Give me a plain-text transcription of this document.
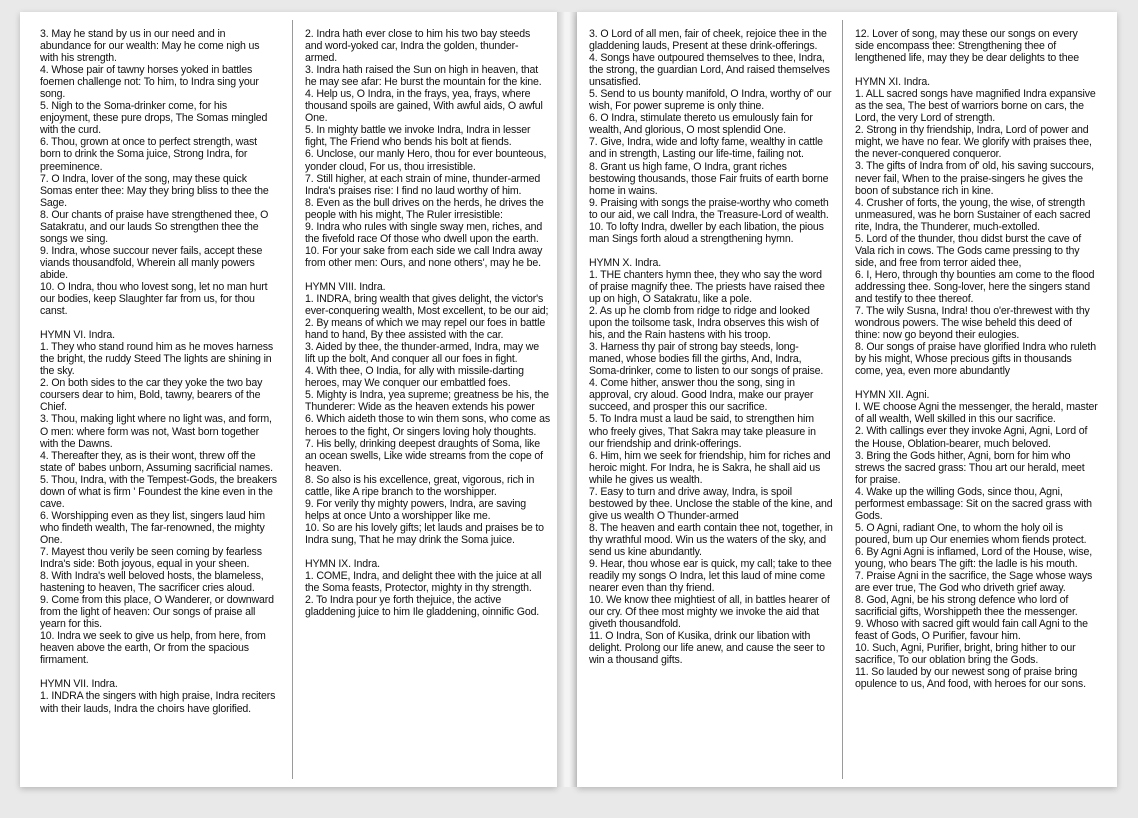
3. May he stand by us in our need and in abundance for our wealth: May he come nigh us with his strength.

4. Whose pair of tawny horses yoked in battles foemen challenge not: To him, to Indra sing your song.

5. Nigh to the Soma-drinker come, for his enjoyment, these pure drops, The Somas mingled with the curd.

6. Thou, grown at once to perfect strength, wast born to drink the Soma juice, Strong Indra, for preeminence.

7. O Indra, lover of the song, may these quick Somas enter thee: May they bring bliss to thee the Sage.

8. Our chants of praise have strengthened thee, O Satakratu, and our lauds So strengthen thee the songs we sing.

9. Indra, whose succour never fails, accept these viands thousandfold, Wherein all manly powers abide.

10. O Indra, thou who lovest song, let no man hurt our bodies, keep Slaughter far from us, for thou canst.

HYMN VI. Indra.

1. They who stand round him as he moves harness the bright, the ruddy Steed The lights are shining in the sky.

2. On both sides to the car they yoke the two bay coursers dear to him, Bold, tawny, bearers of the Chief.

3. Thou, making light where no light was, and form, O men: where form was not, Wast born together with the Dawns.

4. Thereafter they, as is their wont, threw off the state of' babes unborn, Assuming sacrificial names.

5. Thou, Indra, with the Tempest-Gods, the breakers down of what is firm ' Foundest the kine even in the cave.

6. Worshipping even as they list, singers laud him who findeth wealth, The far-renowned, the mighty One.

7. Mayest thou verily be seen coming by fearless Indra's side: Both joyous, equal in your sheen.

8. With Indra's well beloved hosts, the blameless, hastening to heaven, The sacrificer cries aloud.

9. Come from this place, O Wanderer, or downward from the light of heaven: Our songs of praise all yearn for this.

10. Indra we seek to give us help, from here, from heaven above the earth, Or from the spacious firmament.

HYMN VII. Indra.

1. INDRA the singers with high praise, Indra reciters with their lauds, Indra the choirs have glorified.

2. Indra hath ever close to him his two bay steeds and word-yoked car, Indra the golden, thunder-armed.

3. Indra hath raised the Sun on high in heaven, that he may see afar: He burst the mountain for the kine.

4. Help us, O Indra, in the frays, yea, frays, where thousand spoils are gained, With awful aids, O awful One.

5. In mighty battle we invoke Indra, Indra in lesser fight, The Friend who bends his bolt at fiends.

6. Unclose, our manly Hero, thou for ever bounteous, yonder cloud, For us, thou irresistible.

7. Still higher, at each strain of mine, thunder-armed Indra's praises rise: I find no laud worthy of him.

8. Even as the bull drives on the herds, he drives the people with his might, The Ruler irresistible:

9. Indra who rules with single sway men, riches, and the fivefold race Of those who dwell upon the earth.

10. For your sake from each side we call Indra away from other men: Ours, and none others', may he be.

HYMN VIII. Indra.

1. INDRA, bring wealth that gives delight, the victor's ever-conquering wealth, Most excellent, to be our aid;

2. By means of which we may repel our foes in battle hand to hand, By thee assisted with the car.

3. Aided by thee, the thunder-armed, Indra, may we lift up the bolt, And conquer all our foes in fight.

4. With thee, O India, for ally with missile-darting heroes, may We conquer our embattled foes.

5. Mighty is Indra, yea supreme; greatness be his, the Thunderer: Wide as the heaven extends his power

6. Which aideth those to win them sons, who come as heroes to the fight, Or singers loving holy thoughts.

7. His belly, drinking deepest draughts of Soma, like an ocean swells, Like wide streams from the cope of heaven.

8. So also is his excellence, great, vigorous, rich in cattle, like A ripe branch to the worshipper.

9. For verily thy mighty powers, Indra, are saving helps at once Unto a worshipper like me.

10. So are his lovely gifts; let lauds and praises be to Indra sung, That he may drink the Soma juice.

HYMN IX. Indra.

1. COME, Indra, and delight thee with the juice at all the Soma feasts, Protector, mighty in thy strength.

2. To Indra pour ye forth thejuice, the active gladdening juice to him Ile gladdening, oinnific God.

3. O Lord of all men, fair of cheek, rejoice thee in the gladdening lauds, Present at these drink-offerings.

4. Songs have outpoured themselves to thee, Indra, the strong, the guardian Lord, And raised themselves unsatisfied.

5. Send to us bounty manifold, O Indra, worthy of' our wish, For power supreme is only thine.

6. O Indra, stimulate thereto us emulously fain for wealth, And glorious, O most splendid One.

7. Give, Indra, wide and lofty fame, wealthy in cattle and in strength, Lasting our life-time, failing not.

8. Grant us high fame, O Indra, grant riches bestowing thousands, those Fair fruits of earth borne home in wains.

9. Praising with songs the praise-worthy who cometh to our aid, we call Indra, the Treasure-Lord of wealth.

10. To lofty Indra, dweller by each libation, the pious man Sings forth aloud a strengthening hymn.

HYMN X. Indra.

1. THE chanters hymn thee, they who say the word of praise magnify thee. The priests have raised thee up on high, O Satakratu, like a pole.

2. As up he clomb from ridge to ridge and looked upon the toilsome task, Indra observes this wish of his, and the Rain hastens with his troop.

3. Harness thy pair of strong bay steeds, long-maned, whose bodies fill the girths, And, Indra, Soma-drinker, come to listen to our songs of praise.

4. Come hither, answer thou the song, sing in approval, cry aloud. Good Indra, make our prayer succeed, and prosper this our sacrifice.

5. To Indra must a laud be said, to strengthen him who freely gives, That Sakra may take pleasure in our friendship and drink-offerings.

6. Him, him we seek for friendship, him for riches and heroic might. For Indra, he is Sakra, he shall aid us while he gives us wealth.

7. Easy to turn and drive away, Indra, is spoil bestowed by thee. Unclose the stable of the kine, and give us wealth O Thunder-armed

8. The heaven and earth contain thee not, together, in thy wrathful mood. Win us the waters of the sky, and send us kine abundantly.

9. Hear, thou whose ear is quick, my call; take to thee readily my songs O Indra, let this laud of mine come nearer even than thy friend.

10. We know thee mightiest of all, in battles hearer of our cry. Of thee most mighty we invoke the aid that giveth thousandfold.

11. O Indra, Son of Kusika, drink our libation with delight. Prolong our life anew, and cause the seer to win a thousand gifts.

12. Lover of song, may these our songs on every side encompass thee: Strengthening thee of lengthened life, may they be dear delights to thee

HYMN XI. Indra.

1. ALL sacred songs have magnified Indra expansive as the sea, The best of warriors borne on cars, the Lord, the very Lord of strength.

2. Strong in thy friendship, Indra, Lord of power and might, we have no fear. We glorify with praises thee, the never-conquered conqueror.

3. The gifts of Indra from of' old, his saving succours, never fail, When to the praise-singers he gives the boon of substance rich in kine.

4. Crusher of forts, the young, the wise, of strength unmeasured, was he born Sustainer of each sacred rite, Indra, the Thunderer, much-extolled.

5. Lord of the thunder, thou didst burst the cave of Vala rich in cows. The Gods came pressing to thy side, and free from terror aided thee,

6. I, Hero, through thy bounties am come to the flood addressing thee. Song-lover, here the singers stand and testify to thee thereof.

7. The wily Susna, Indra! thou o'er-threwest with thy wondrous powers. The wise beheld this deed of thine: now go beyond their eulogies.

8. Our songs of praise have glorified Indra who ruleth by his might, Whose precious gifts in thousands come, yea, even more abundantly

HYMN XII. Agni.

I. WE choose Agni the messenger, the herald, master of all wealth, Well skilled in this our sacrifice.

2. With callings ever they invoke Agni, Agni, Lord of the House, Oblation-bearer, much beloved.

3. Bring the Gods hither, Agni, born for him who strews the sacred grass: Thou art our herald, meet for praise.

4. Wake up the willing Gods, since thou, Agni, performest embassage: Sit on the sacred grass with Gods.

5. O Agni, radiant One, to whom the holy oil is poured, bum up Our enemies whom fiends protect.

6. By Agni Agni is inflamed, Lord of the House, wise, young, who bears The gift: the ladle is his mouth.

7. Praise Agni in the sacrifice, the Sage whose ways are ever true, The God who driveth grief away.

8. God, Agni, be his strong defence who lord of sacrificial gifts, Worshippeth thee the messenger.

9. Whoso with sacred gift would fain call Agni to the feast of Gods, O Purifier, favour him.

10. Such, Agni, Purifier, bright, bring hither to our sacrifice, To our oblation bring the Gods.

11. So lauded by our newest song of praise bring opulence to us, And food, with heroes for our sons.
